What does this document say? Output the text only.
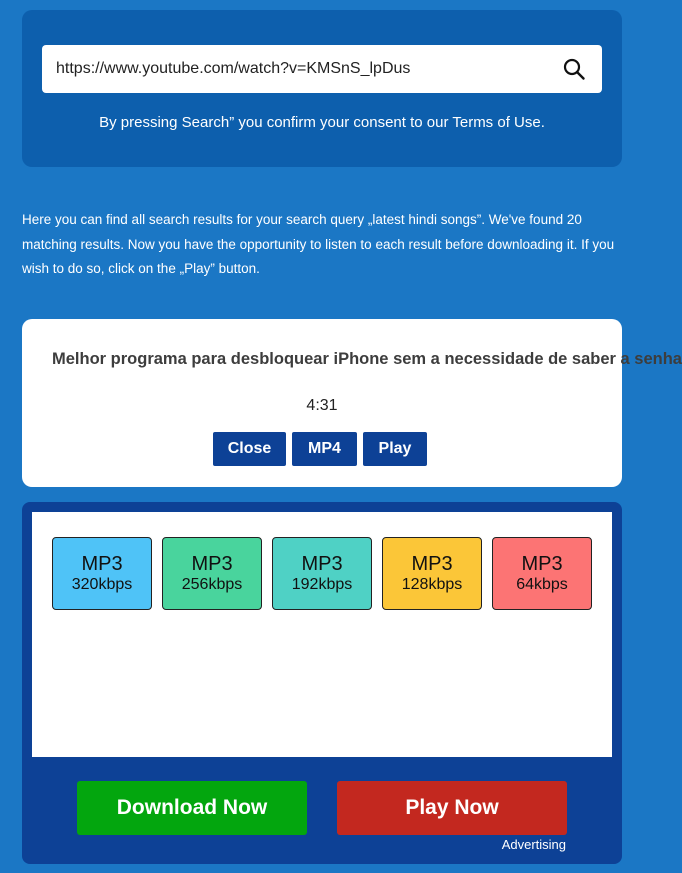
https://www.youtube.com/watch?v=KMSnS_lpDus
By pressing Search” you confirm your consent to our Terms of Use.
Here you can find all search results for your search query „latest hindi songs”. We've found 20 matching results. Now you have the opportunity to listen to each result before downloading it. If you wish to do so, click on the „Play” button.
Melhor programa para desbloquear iPhone sem a necessidade de saber a senha
4:31
Close	MP4	Play
MP3
320kbps
MP3
256kbps
MP3
192kbps
MP3
128kbps
MP3
64kbps
Download Now	Play Now
Advertising
